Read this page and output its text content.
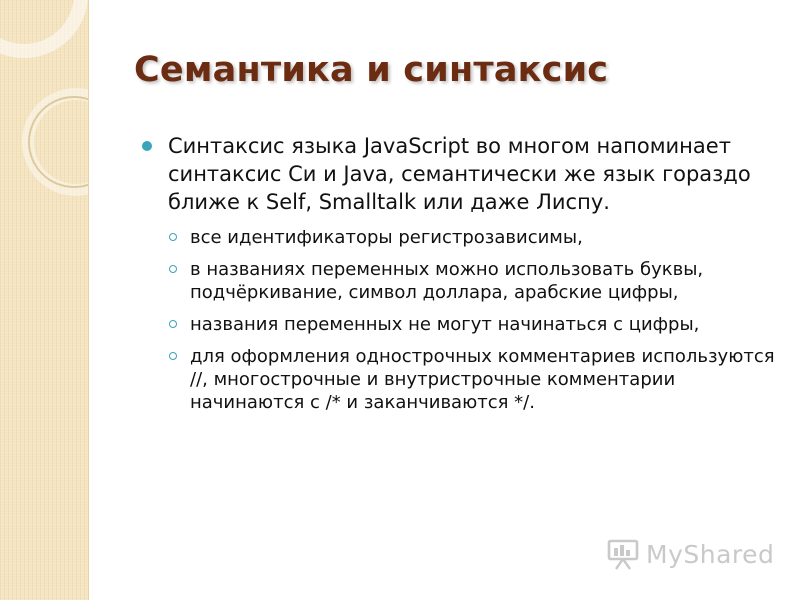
Семантика и синтаксис

Синтаксис языка JavaScript во многом напоминает синтаксис Си и Java, семантически же язык гораздо ближе к Self, Smalltalk или даже Лиспу.

все идентификаторы регистрозависимы,
в названиях переменных можно использовать буквы, подчёркивание, символ доллара, арабские цифры,
названия переменных не могут начинаться с цифры,
для оформления однострочных комментариев используются //, многострочные и внутристрочные комментарии начинаются с /* и заканчиваются */.
MyShared
